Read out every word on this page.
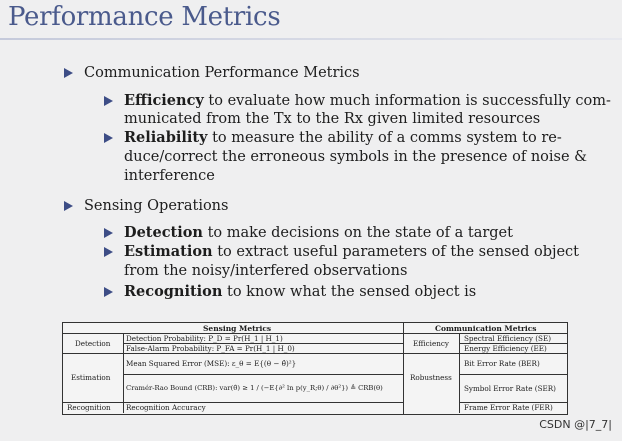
Performance Metrics
Communication Performance Metrics
Efficiency to evaluate how much information is successfully com-
municated from the Tx to the Rx given limited resources
Reliability to measure the ability of a comms system to re-
duce/correct the erroneous symbols in the presence of noise &
interference
Sensing Operations
Detection to make decisions on the state of a target
Estimation to extract useful parameters of the sensed object
from the noisy/interfered observations
Recognition to know what the sensed object is
Sensing Metrics	Communication Metrics
Detection
Detection Probability: P_D = Pr(H_1 | H_1)
False-Alarm Probability: P_FA = Pr(H_1 | H_0)
Estimation
Mean Squared Error (MSE): ε_θ = E{(θ − θ̂)²}
Cramér-Rao Bound (CRB): var(θ̂) ≥ 1 / (−E{∂² ln p(y_R;θ) / ∂θ²}) ≜ CRB(θ)
Recognition Recognition Accuracy
Efficiency
Spectral Efficiency (SE)
Energy Efficiency (EE)
Robustness
Bit Error Rate (BER)
Symbol Error Rate (SER)
Frame Error Rate (FER)
CSDN @|7_7|
